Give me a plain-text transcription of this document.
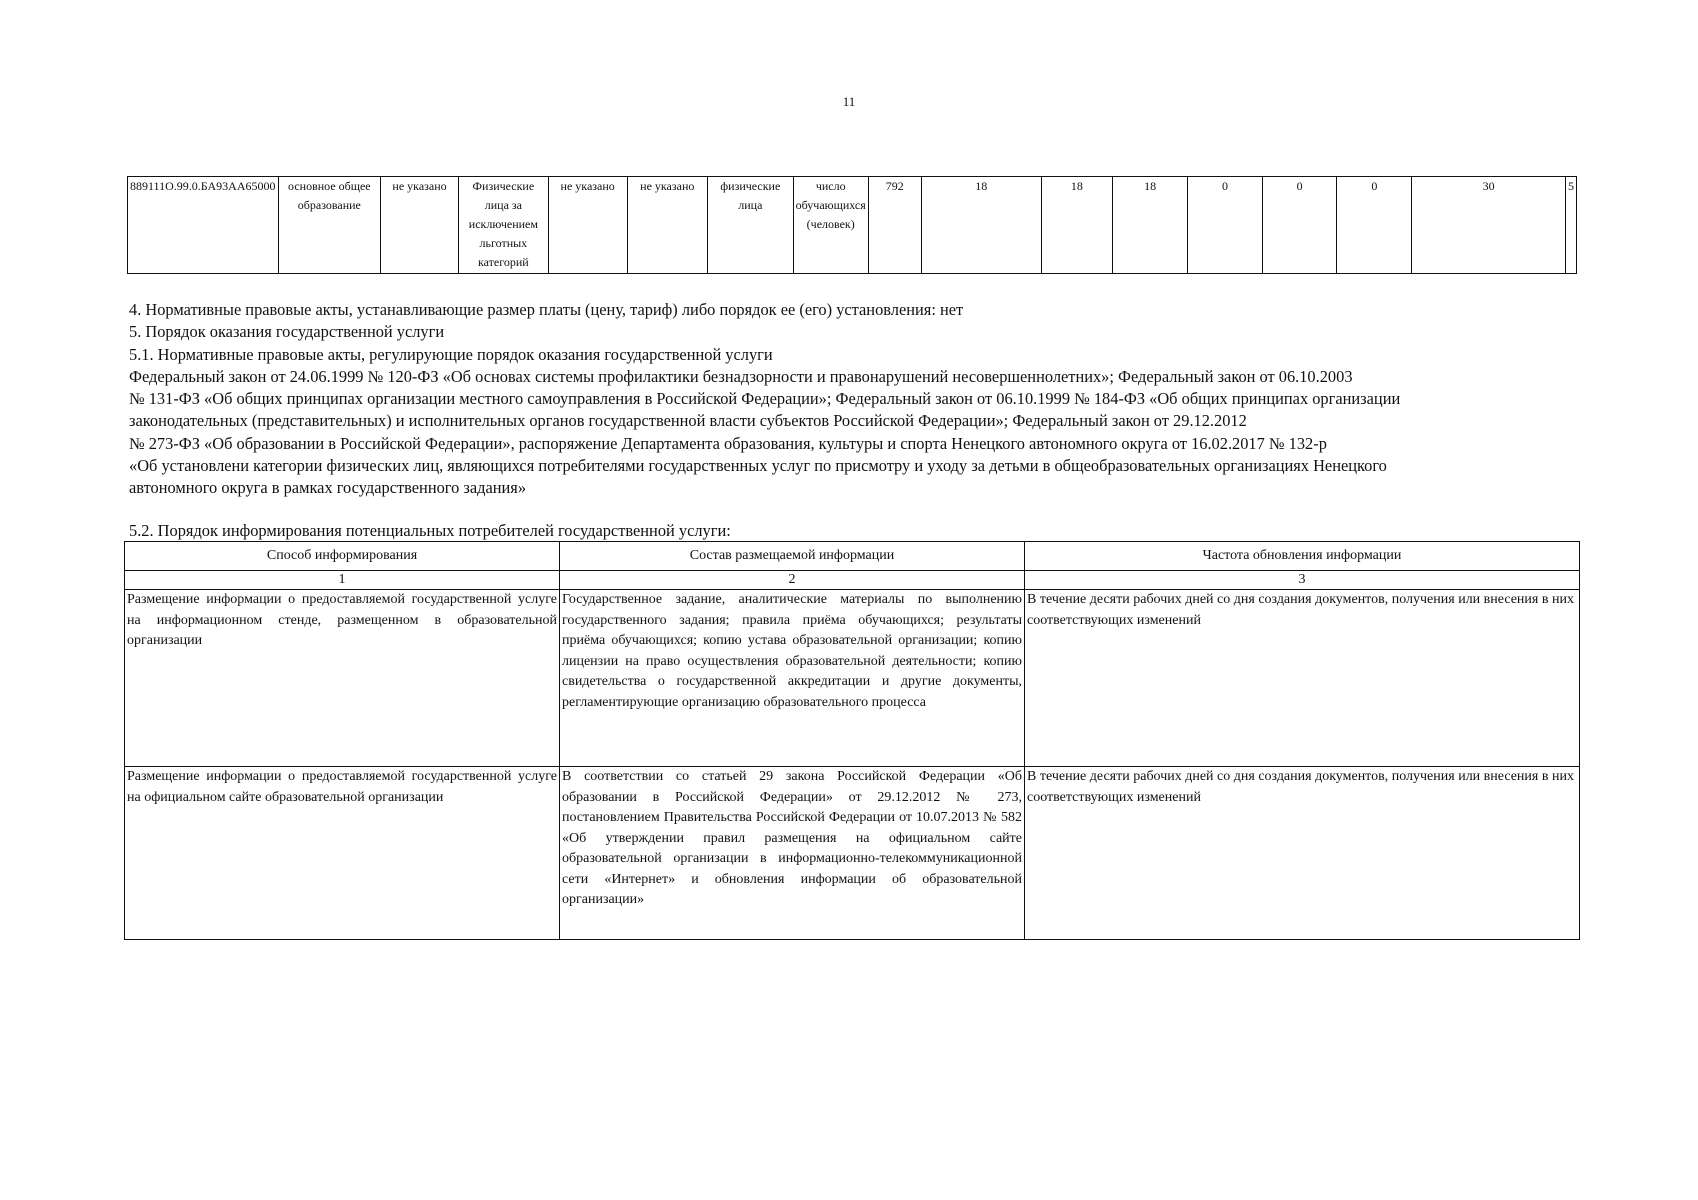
11
889111О.99.0.БА93АА65000	основное общее образование	не указано	Физические лица за исключением льготных категорий	не указано	не указано	физические лица	число обучающихся (человек)	792	18	18	18	0	0	0	30	5

4. Нормативные правовые акты, устанавливающие размер платы (цену, тариф) либо порядок ее (его) установления: нет

5. Порядок оказания государственной услуги

5.1. Нормативные правовые акты, регулирующие порядок оказания государственной услуги

Федеральный закон от 24.06.1999 № 120-ФЗ «Об основах системы профилактики безнадзорности и правонарушений несовершеннолетних»; Федеральный закон от 06.10.2003

№ 131-ФЗ «Об общих принципах организации местного самоуправления в Российской Федерации»; Федеральный закон от 06.10.1999 № 184-ФЗ «Об общих принципах организации

законодательных (представительных) и исполнительных органов государственной власти субъектов Российской Федерации»; Федеральный закон от 29.12.2012

№ 273-ФЗ «Об образовании в Российской Федерации», распоряжение Департамента образования, культуры и спорта Ненецкого автономного округа от 16.02.2017 № 132-р

«Об установлени категории физических лиц, являющихся потребителями государственных услуг по присмотру и уходу за детьми в общеобразовательных организациях Ненецкого

автономного округа в рамках государственного задания»

5.2. Порядок информирования потенциальных потребителей государственной услуги:
Способ информирования	Состав размещаемой информации	Частота обновления информации
1	2	3
Размещение информации о предоставляемой государственной услуге на информационном стенде, размещенном в образовательной организации	Государственное задание, аналитические материалы по выполнению государственного задания; правила приёма обучающихся; результаты приёма обучающихся; копию устава образовательной организации; копию лицензии на право осуществления образовательной деятельности; копию свидетельства о государственной аккредитации и другие документы, регламентирующие организацию образовательного процесса	В течение десяти рабочих дней со дня создания документов, получения или внесения в них соответствующих изменений
Размещение информации о предоставляемой государственной услуге на официальном сайте образовательной организации	В соответствии со статьей 29 закона Российской Федерации «Об образовании в Российской Федерации» от 29.12.2012 № 273, постановлением Правительства Российской Федерации от 10.07.2013 № 582 «Об утверждении правил размещения на официальном сайте образовательной организации в информационно-телекоммуникационной сети «Интернет» и обновления информации об образовательной организации»	В течение десяти рабочих дней со дня создания документов, получения или внесения в них соответствующих изменений
